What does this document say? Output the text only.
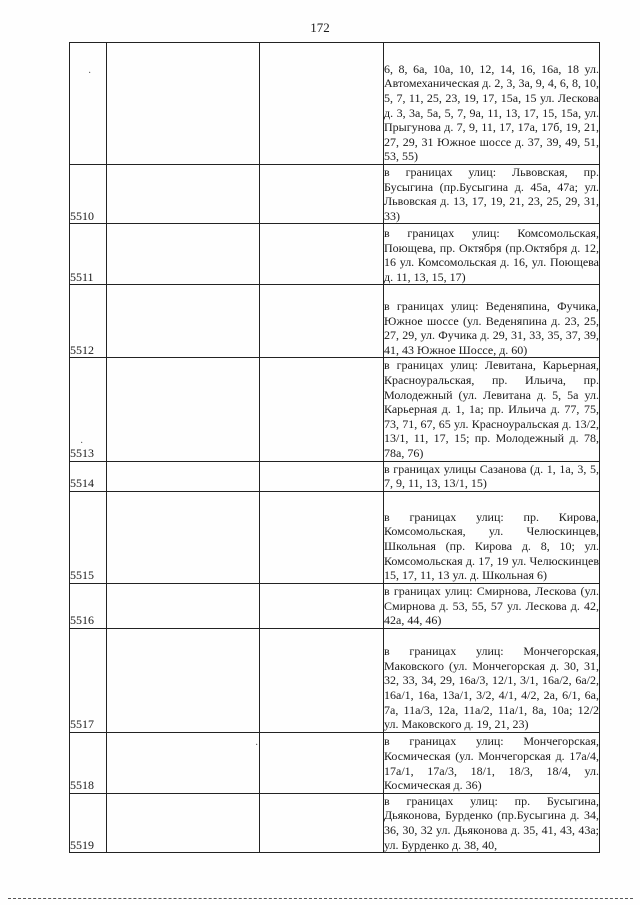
172

			6, 8, 6а, 10а, 10, 12, 14, 16, 16а, 18 ул. Автомеханическая д. 2, 3, 3а, 9, 4, 6, 8, 10, 5, 7, 11, 25, 23, 19, 17, 15а, 15 ул. Лескова д. 3, 3а, 5а, 5, 7, 9а, 11, 13, 17, 15, 15а, ул. Прыгунова д. 7, 9, 11, 17, 17а, 17б, 19, 21, 27, 29, 31 Южное шоссе д. 37, 39, 49, 51, 53, 55)

5510			в границах улиц: Львовская, пр. Бусыгина (пр.Бусыгина д. 45а, 47а; ул. Львовская д. 13, 17, 19, 21, 23, 25, 29, 31, 33)

5511			в границах улиц: Комсомольская, Поющева, пр. Октября (пр.Октября д. 12, 16 ул. Комсомольская д. 16, ул. Поющева д. 11, 13, 15, 17)

5512			в границах улиц: Веденяпина, Фучика, Южное шоссе (ул. Веденяпина д. 23, 25, 27, 29, ул. Фучика д. 29, 31, 33, 35, 37, 39, 41, 43 Южное Шоссе, д. 60)

5513			в границах улиц: Левитана, Карьерная, Красноуральская, пр. Ильича, пр. Молодежный (ул. Левитана д. 5, 5а ул. Карьерная д. 1, 1а; пр. Ильича д. 77, 75, 73, 71, 67, 65 ул. Красноуральская д. 13/2, 13/1, 11, 17, 15; пр. Молодежный д. 78, 78а, 76)

5514			в границах улицы Сазанова (д. 1, 1а, 3, 5, 7, 9, 11, 13, 13/1, 15)

5515			в границах улиц: пр. Кирова, Комсомольская, ул. Челюскинцев, Школьная (пр. Кирова д. 8, 10; ул. Комсомольская д. 17, 19 ул. Челюскинцев 15, 17, 11, 13 ул. д. Школьная 6)

5516			в границах улиц: Смирнова, Лескова (ул. Смирнова д. 53, 55, 57 ул. Лескова д. 42, 42а, 44, 46)

5517			в границах улиц: Мончегорская, Маковского (ул. Мончегорская д. 30, 31, 32, 33, 34, 29, 16а/3, 12/1, 3/1, 16а/2, 6а/2, 16а/1, 16а, 13а/1, 3/2, 4/1, 4/2, 2а, 6/1, 6а, 7а, 11а/3, 12а, 11а/2, 11а/1, 8а, 10а; 12/2 ул. Маковского д. 19, 21, 23)

5518			в границах улиц: Мончегорская, Космическая (ул. Мончегорская д. 17а/4, 17а/1, 17а/3, 18/1, 18/3, 18/4, ул. Космическая д. 36)

5519			в границах улиц: пр. Бусыгина, Дьяконова, Бурденко (пр.Бусыгина д. 34, 36, 30, 32 ул. Дьяконова д. 35, 41, 43, 43а; ул. Бурденко д. 38, 40,
·
·
·
